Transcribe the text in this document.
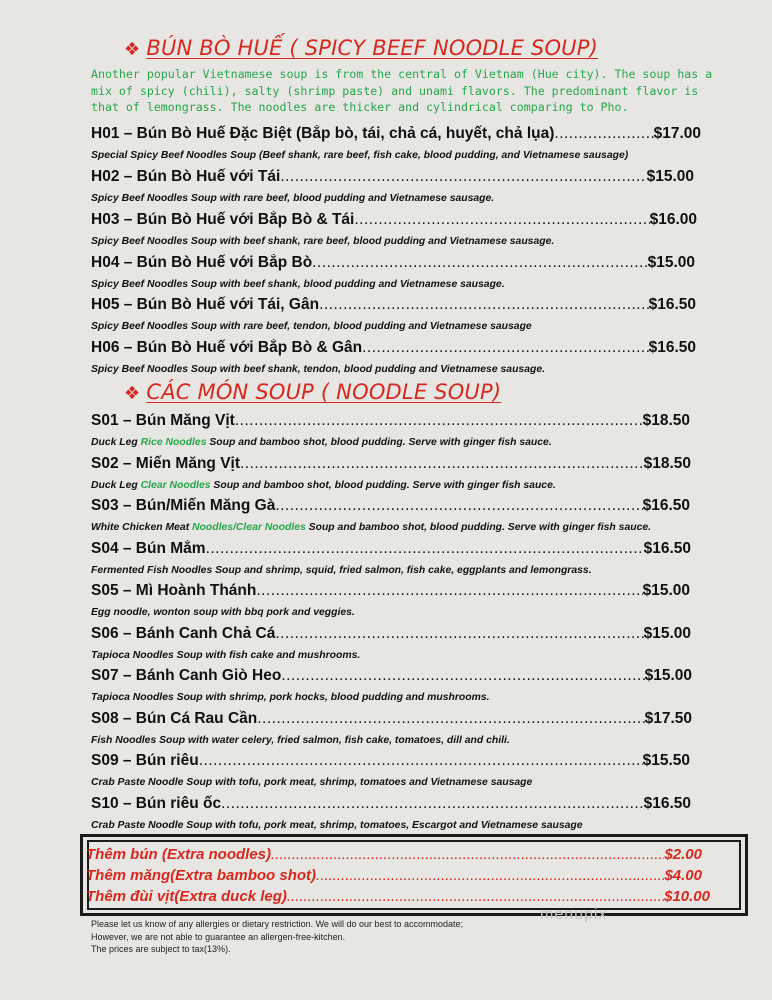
❖ BÚN BÒ HUẾ ( SPICY BEEF NOODLE SOUP)
Another popular Vietnamese soup is from the central of Vietnam (Hue city). The soup has a mix of spicy (chili), salty (shrimp paste) and unami flavors. The predominant flavor is that of lemongrass. The noodles are thicker and cylindrical comparing to Pho.
H01 – Bún Bò Huế Đặc Biệt (Bắp bò, tái, chả cá, huyết, chả lụa) .....	$17.00
Special Spicy Beef Noodles Soup (Beef shank, rare beef, fish cake, blood pudding, and Vietnamese sausage)
H02 – Bún Bò Huế với Tái .....	$15.00
Spicy Beef Noodles Soup with rare beef, blood pudding and Vietnamese sausage.
H03 – Bún Bò Huế với Bắp Bò & Tái .....	$16.00
Spicy Beef Noodles Soup with beef shank, rare beef, blood pudding and Vietnamese sausage.
H04 – Bún Bò Huế với Bắp Bò .....	$15.00
Spicy Beef Noodles Soup with beef shank, blood pudding and Vietnamese sausage.
H05 – Bún Bò Huế với Tái, Gân .....	$16.50
Spicy Beef Noodles Soup with rare beef, tendon, blood pudding and Vietnamese sausage
H06 – Bún Bò Huế với Bắp Bò & Gân .....	$16.50
Spicy Beef Noodles Soup with beef shank, tendon, blood pudding and Vietnamese sausage.
❖ CÁC MÓN SOUP ( NOODLE SOUP)
S01 – Bún Măng Vịt .....	$18.50
Duck Leg Rice Noodles Soup and bamboo shot, blood pudding. Serve with ginger fish sauce.
S02 – Miến Măng Vịt .....	$18.50
Duck Leg Clear Noodles Soup and bamboo shot, blood pudding. Serve with ginger fish sauce.
S03 – Bún/Miến Măng Gà .....	$16.50
White Chicken Meat Noodles/Clear Noodles Soup and bamboo shot, blood pudding. Serve with ginger fish sauce.
S04 – Bún Mắm .....	$16.50
Fermented Fish Noodles Soup and shrimp, squid, fried salmon, fish cake, eggplants and lemongrass.
S05 – Mì Hoành Thánh .....	$15.00
Egg noodle, wonton soup with bbq pork and veggies.
S06 – Bánh Canh Chả Cá .....	$15.00
Tapioca Noodles Soup with fish cake and mushrooms.
S07 – Bánh Canh Giò Heo .....	$15.00
Tapioca Noodles Soup with shrimp, pork hocks, blood pudding and mushrooms.
S08 – Bún Cá Rau Cần .....	$17.50
Fish Noodles Soup with water celery, fried salmon, fish cake, tomatoes, dill and chili.
S09 – Bún riêu .....	$15.50
Crab Paste Noodle Soup with tofu, pork meat, shrimp, tomatoes and Vietnamese sausage
S10 – Bún riêu ốc .....	$16.50
Crab Paste Noodle Soup with tofu, pork meat, shrimp, tomatoes, Escargot and Vietnamese sausage
Thêm bún (Extra noodles) .....	$2.00
Thêm măng(Extra bamboo shot) .....	$4.00
Thêm đùi vịt(Extra duck leg) .....	$10.00
menupix
Please let us know of any allergies or dietary restriction. We will do our best to accommodate;
However, we are not able to guarantee an allergen-free-kitchen.
The prices are subject to tax(13%).
